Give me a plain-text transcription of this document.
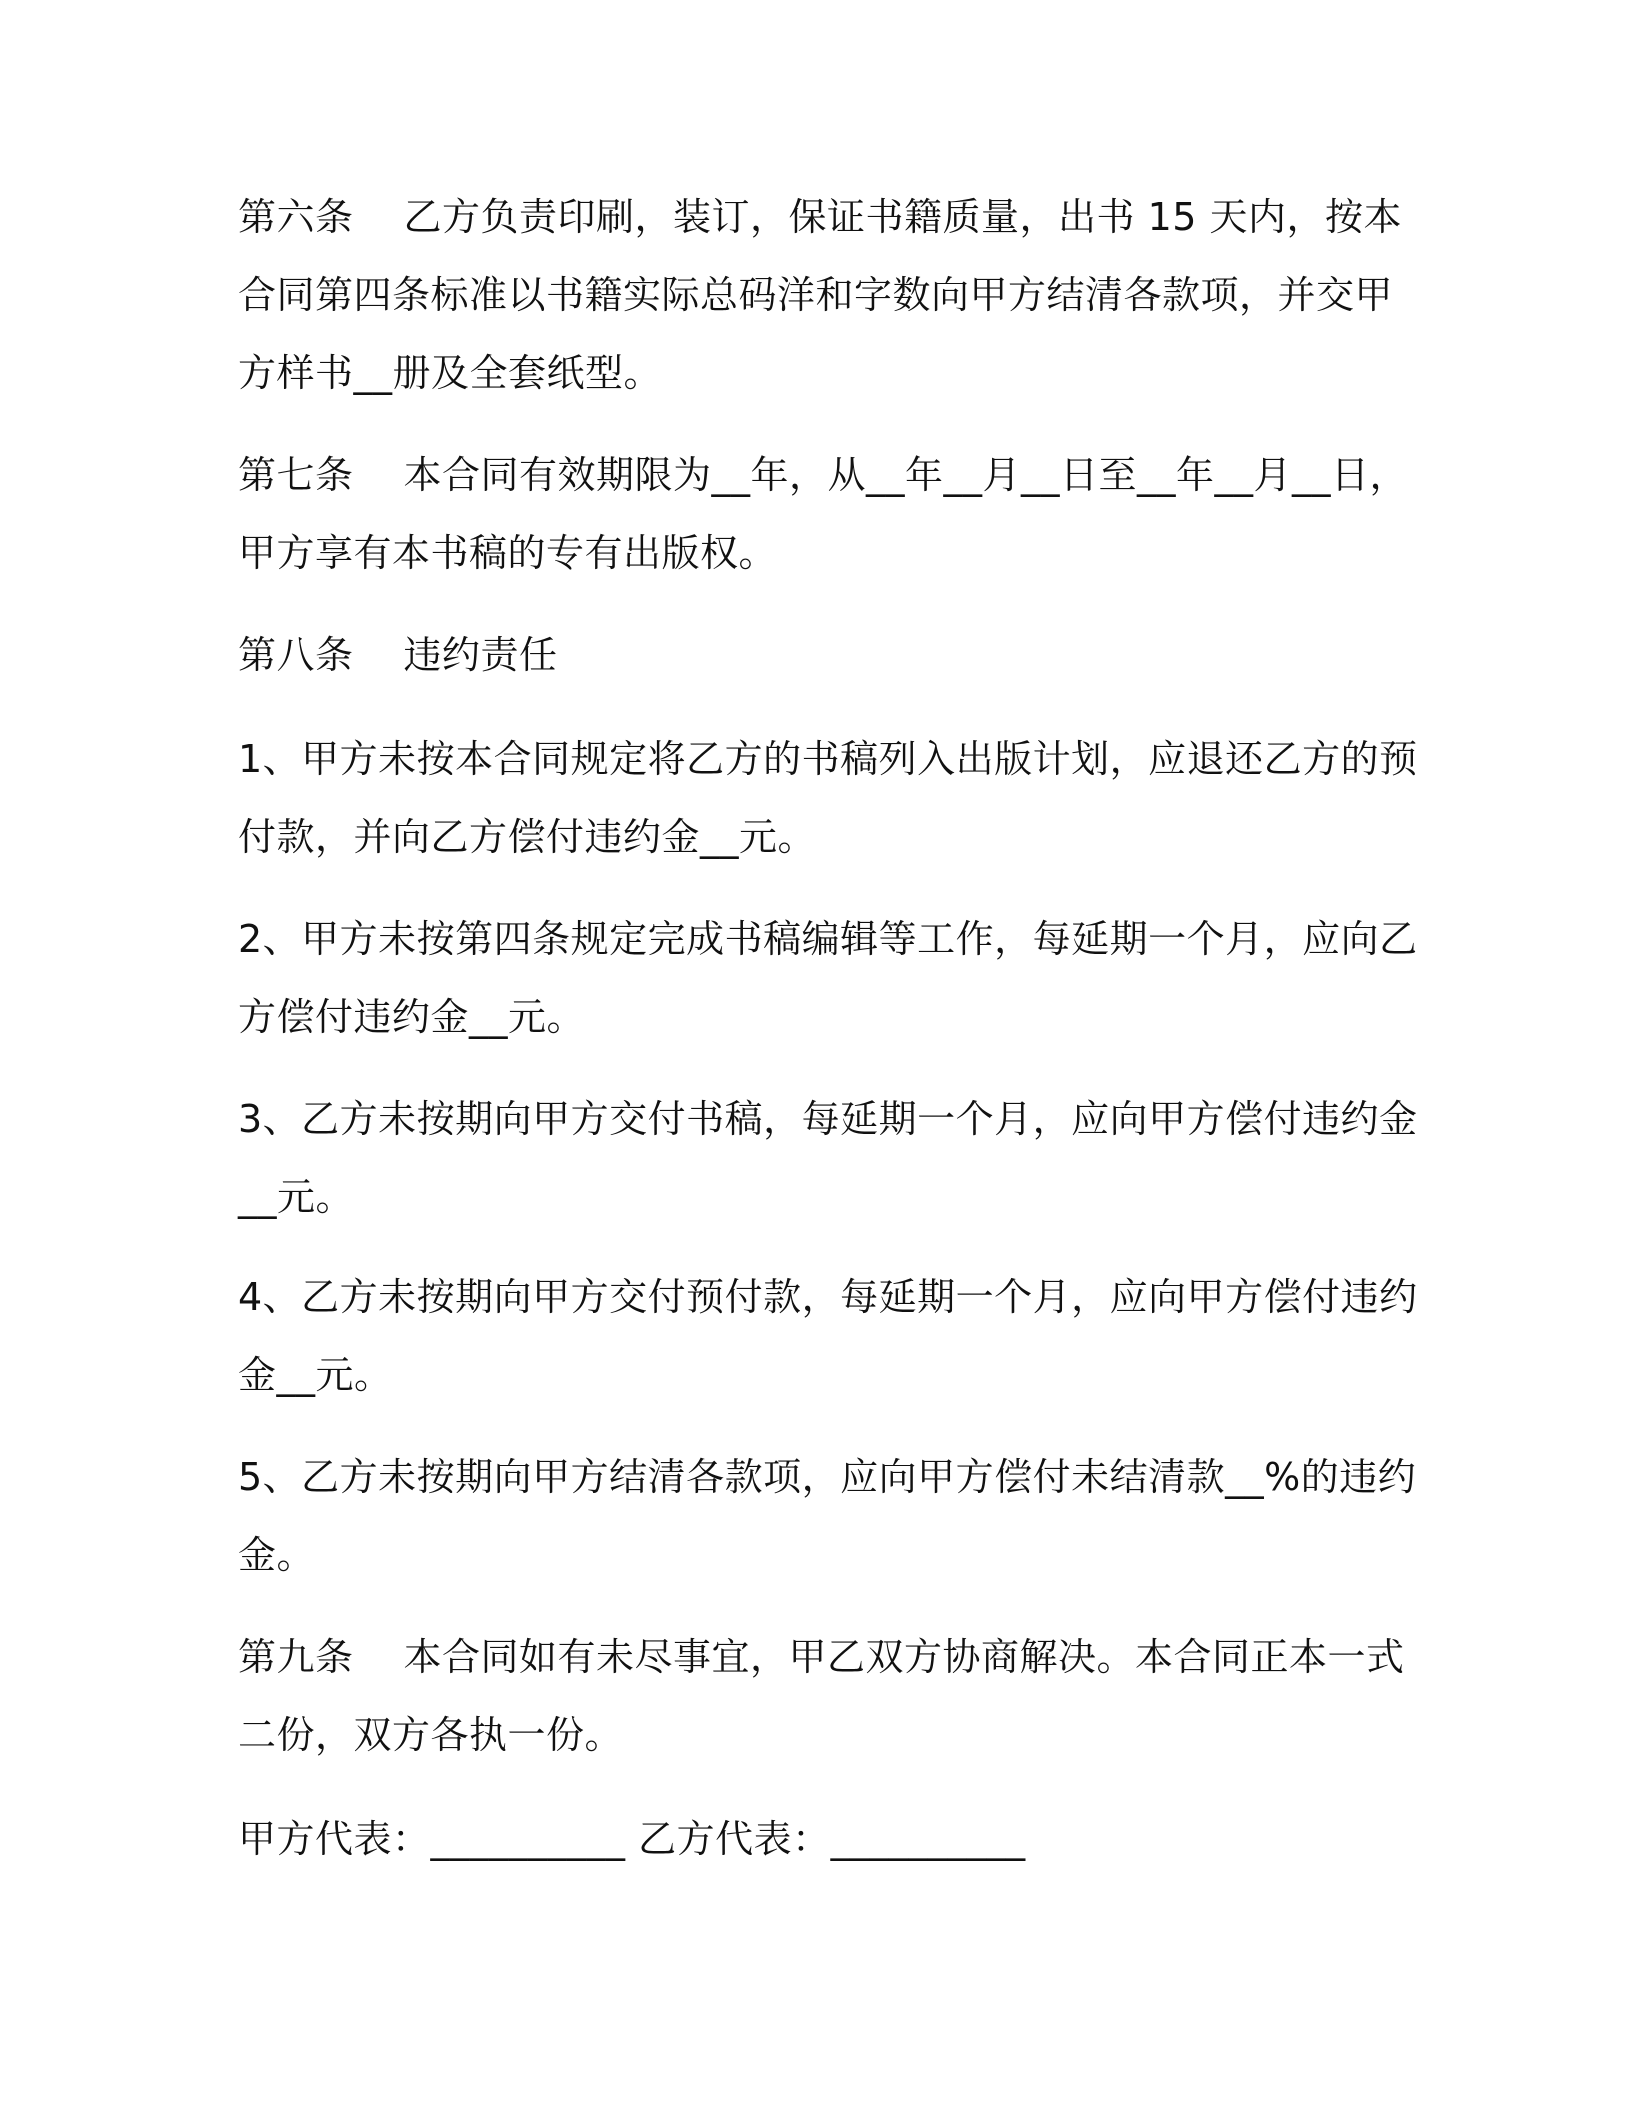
第六条 乙方负责印刷，装订，保证书籍质量，出书 15 天内，按本
合同第四条标准以书籍实际总码洋和字数向甲方结清各款项，并交甲
方样书__册及全套纸型。
第七条 本合同有效期限为__年，从__年__月__日至__年__月__日，
甲方享有本书稿的专有出版权。
第八条 违约责任
1、甲方未按本合同规定将乙方的书稿列入出版计划，应退还乙方的预
付款，并向乙方偿付违约金__元。
2、甲方未按第四条规定完成书稿编辑等工作，每延期一个月，应向乙
方偿付违约金__元。
3、乙方未按期向甲方交付书稿，每延期一个月，应向甲方偿付违约金
__元。
4、乙方未按期向甲方交付预付款，每延期一个月，应向甲方偿付违约
金__元。
5、乙方未按期向甲方结清各款项，应向甲方偿付未结清款__%的违约
金。
第九条 本合同如有未尽事宜，甲乙双方协商解决。本合同正本一式
二份，双方各执一份。
甲方代表：__________ 乙方代表：__________
